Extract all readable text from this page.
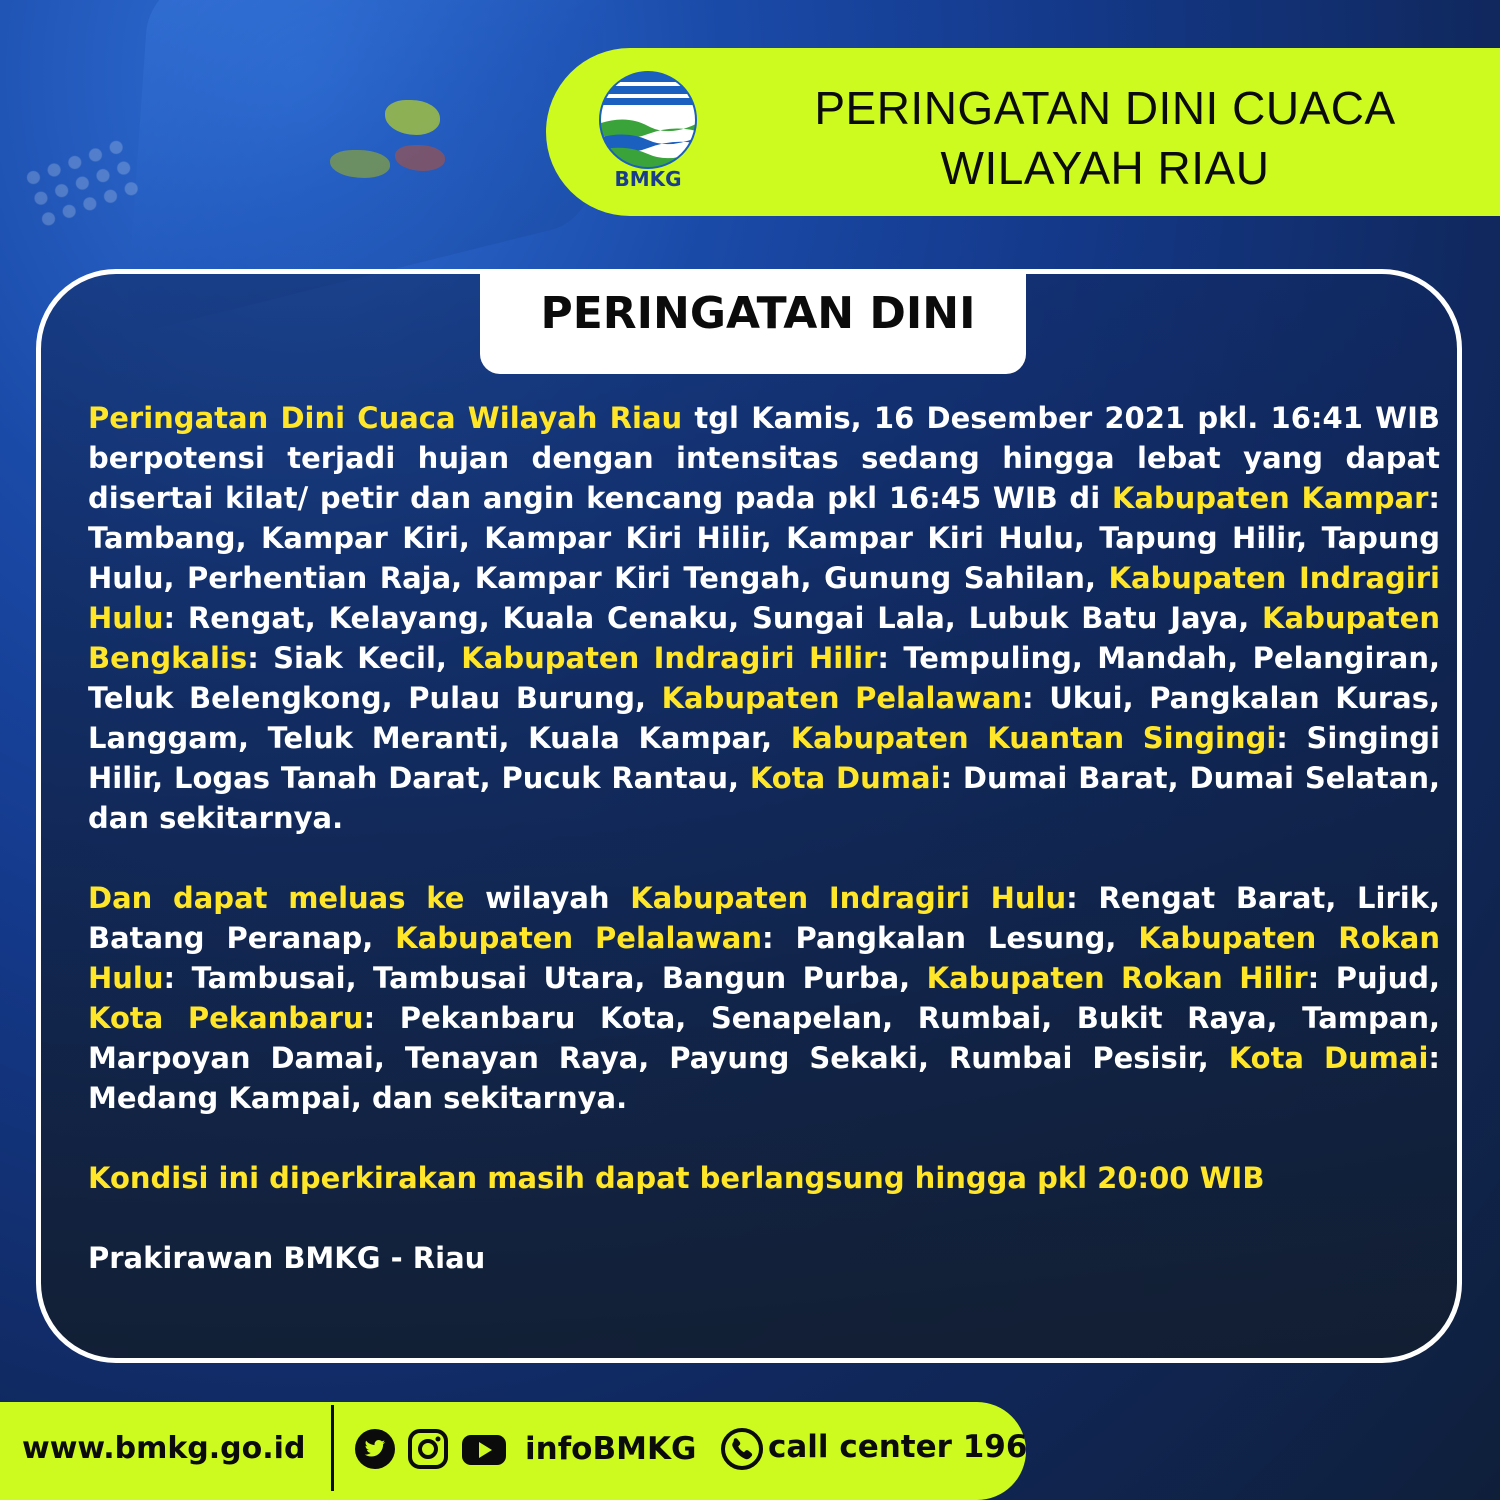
BMKG
PERINGATAN DINI CUACA
WILAYAH RIAU
PERINGATAN DINI

Peringatan Dini Cuaca Wilayah Riau tgl Kamis, 16 Desember 2021 pkl. 16:41 WIB berpotensi terjadi hujan dengan intensitas sedang hingga lebat yang dapat disertai kilat/ petir dan angin kencang pada pkl 16:45 WIB di Kabupaten Kampar: Tambang, Kampar Kiri, Kampar Kiri Hilir, Kampar Kiri Hulu, Tapung Hilir, Tapung Hulu, Perhentian Raja, Kampar Kiri Tengah, Gunung Sahilan, Kabupaten Indragiri Hulu: Rengat, Kelayang, Kuala Cenaku, Sungai Lala, Lubuk Batu Jaya, Kabupaten Bengkalis: Siak Kecil, Kabupaten Indragiri Hilir: Tempuling, Mandah, Pelangiran, Teluk Belengkong, Pulau Burung, Kabupaten Pelalawan: Ukui, Pangkalan Kuras, Langgam, Teluk Meranti, Kuala Kampar, Kabupaten Kuantan Singingi: Singingi Hilir, Logas Tanah Darat, Pucuk Rantau, Kota Dumai: Dumai Barat, Dumai Selatan, dan sekitarnya.

Dan dapat meluas ke wilayah Kabupaten Indragiri Hulu: Rengat Barat, Lirik, Batang Peranap, Kabupaten Pelalawan: Pangkalan Lesung, Kabupaten Rokan Hulu: Tambusai, Tambusai Utara, Bangun Purba, Kabupaten Rokan Hilir: Pujud, Kota Pekanbaru: Pekanbaru Kota, Senapelan, Rumbai, Bukit Raya, Tampan, Marpoyan Damai, Tenayan Raya, Payung Sekaki, Rumbai Pesisir, Kota Dumai: Medang Kampai, dan sekitarnya.

Kondisi ini diperkirakan masih dapat berlangsung hingga pkl 20:00 WIB

Prakirawan BMKG - Riau

www.bmkg.go.id	infoBMKG call center 196
